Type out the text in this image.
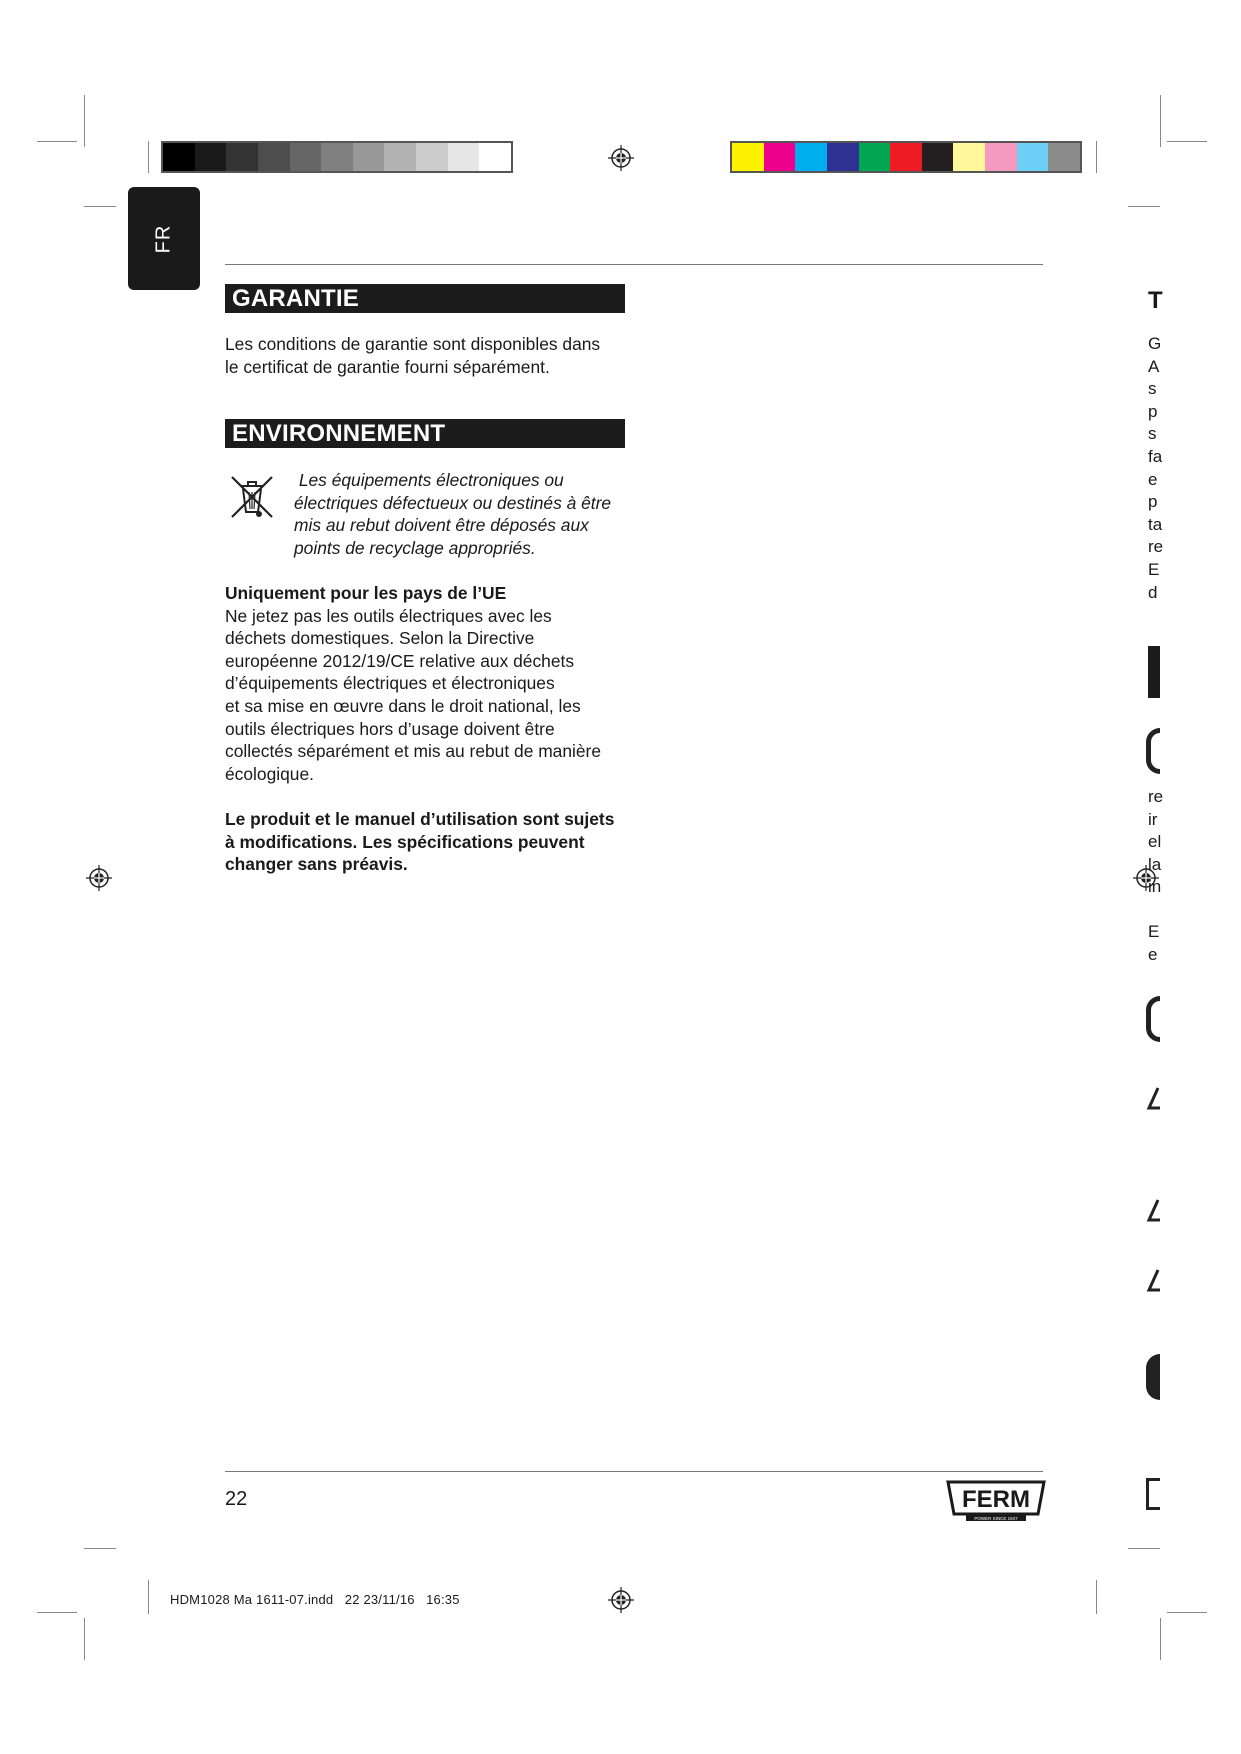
FR
GARANTIE

Les conditions de garantie sont disponibles dans

le certificat de garantie fourni séparément.

ENVIRONNEMENT

Les équipements électroniques ou

électriques défectueux ou destinés à être

mis au rebut doivent être déposés aux

points de recyclage appropriés.

Uniquement pour les pays de l’UE

Ne jetez pas les outils électriques avec les

déchets domestiques. Selon la Directive

européenne 2012/19/CE relative aux déchets

d’équipements électriques et électroniques

et sa mise en œuvre dans le droit national, les

outils électriques hors d’usage doivent être

collectés séparément et mis au rebut de manière

écologique.

Le produit et le manuel d’utilisation sont sujets

à modifications. Les spécifications peuvent

changer sans préavis.

T

G

A

s

p

s

fa

e

p

ta

re

E

d

re

ir

el

la

in

E

e

22	FERM
POWER SINCE 1947
HDM1028 Ma 1611-07.indd   22 23/11/16   16:35
